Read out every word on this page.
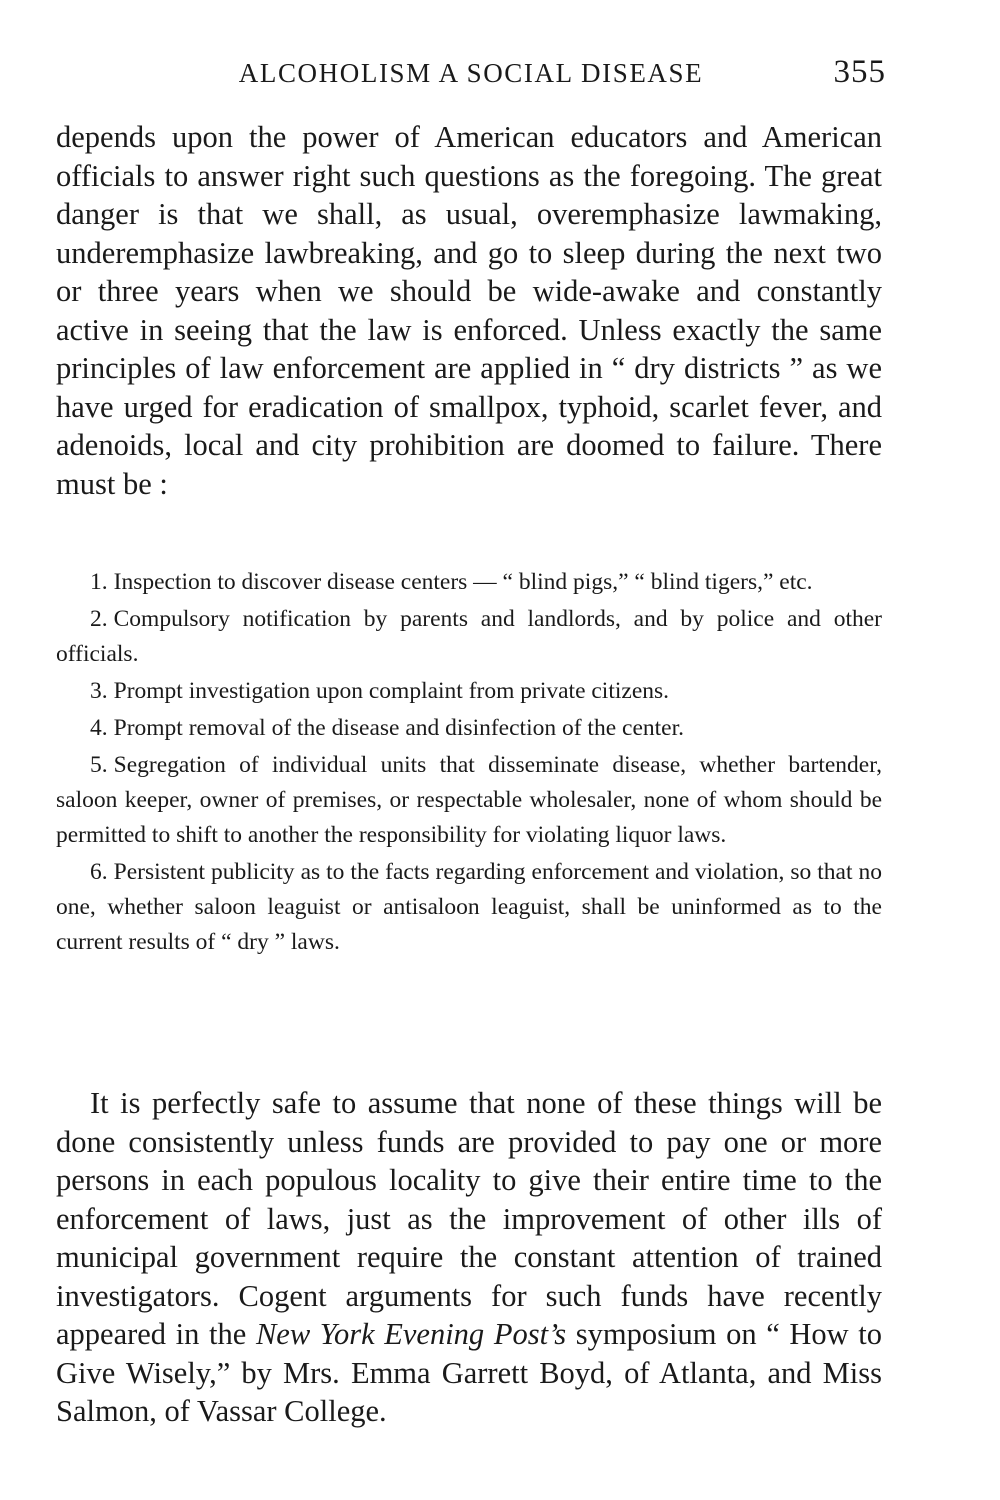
ALCOHOLISM A SOCIAL DISEASE	355

depends upon the power of American educators and American officials to answer right such questions as the foregoing. The great danger is that we shall, as usual, overemphasize lawmaking, underemphasize lawbreaking, and go to sleep during the next two or three years when we should be wide-awake and constantly active in seeing that the law is enforced. Unless exactly the same principles of law enforcement are applied in “ dry districts ” as we have urged for eradication of smallpox, typhoid, scarlet fever, and adenoids, local and city prohibition are doomed to failure. There must be :

1. Inspection to discover disease centers — “ blind pigs,” “ blind tigers,” etc.
2. Compulsory notification by parents and landlords, and by police and other officials.
3. Prompt investigation upon complaint from private citizens.
4. Prompt removal of the disease and disinfection of the center.
5. Segregation of individual units that disseminate disease, whether bartender, saloon keeper, owner of premises, or respectable wholesaler, none of whom should be permitted to shift to another the responsibility for violating liquor laws.
6. Persistent publicity as to the facts regarding enforcement and violation, so that no one, whether saloon leaguist or antisaloon leaguist, shall be uninformed as to the current results of “ dry ” laws.

It is perfectly safe to assume that none of these things will be done consistently unless funds are provided to pay one or more persons in each populous locality to give their entire time to the enforcement of laws, just as the improvement of other ills of municipal government require the constant attention of trained investigators. Cogent arguments for such funds have recently appeared in the New York Evening Post’s symposium on “ How to Give Wisely,” by Mrs. Emma Garrett Boyd, of Atlanta, and Miss Salmon, of Vassar College.
